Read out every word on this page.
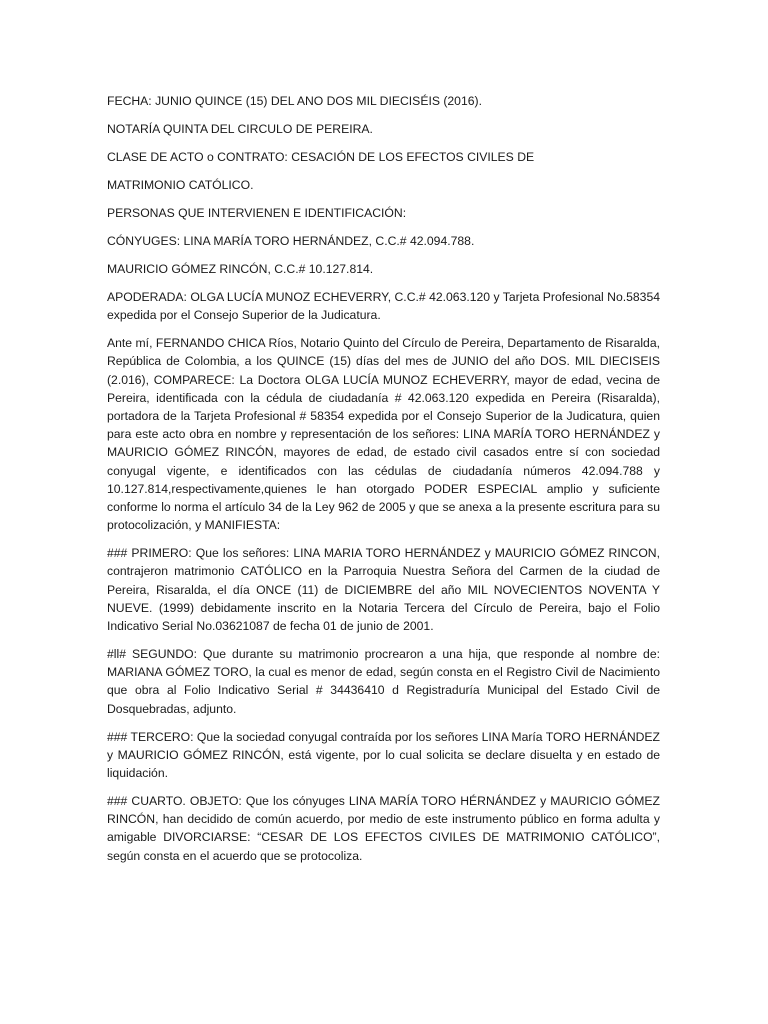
FECHA: JUNIO QUINCE (15) DEL ANO DOS MIL DIECISÉIS (2016).
NOTARÍA QUINTA DEL CIRCULO DE PEREIRA.
CLASE DE ACTO o CONTRATO: CESACIÓN DE LOS EFECTOS CIVILES DE
MATRIMONIO CATÓLICO.
PERSONAS QUE INTERVIENEN E IDENTIFICACIÓN:
CÓNYUGES: LINA MARÍA TORO HERNÁNDEZ, C.C.# 42.094.788.
MAURICIO GÓMEZ RINCÓN, C.C.# 10.127.814.
APODERADA: OLGA LUCÍA MUNOZ ECHEVERRY, C.C.# 42.063.120 y Tarjeta Profesional No.58354 expedida por el Consejo Superior de la Judicatura.
Ante mí, FERNANDO CHICA Ríos, Notario Quinto del Círculo de Pereira, Departamento de Risaralda, República de Colombia, a los QUINCE (15) días del mes de JUNIO del año DOS. MIL DIECISEIS (2.016), COMPARECE: La Doctora OLGA LUCÍA MUNOZ ECHEVERRY, mayor de edad, vecina de Pereira, identificada con la cédula de ciudadanía # 42.063.120 expedida en Pereira (Risaralda), portadora de la Tarjeta Profesional # 58354 expedida por el Consejo Superior de la Judicatura, quien para este acto obra en nombre y representación de los señores: LINA MARÍA TORO HERNÁNDEZ y MAURICIO GÓMEZ RINCÓN, mayores de edad, de estado civil casados entre sí con sociedad conyugal vigente, e identificados con las cédulas de ciudadanía números 42.094.788 y 10.127.814,respectivamente,quienes le han otorgado PODER ESPECIAL amplio y suficiente conforme lo norma el artículo 34 de la Ley 962 de 2005 y que se anexa a la presente escritura para su protocolización, y MANIFIESTA:
### PRIMERO: Que los señores: LINA MARIA TORO HERNÁNDEZ y MAURICIO GÓMEZ RINCON, contrajeron matrimonio CATÓLICO en la Parroquia Nuestra Señora del Carmen de la ciudad de Pereira, Risaralda, el día ONCE (11) de DICIEMBRE del año MIL NOVECIENTOS NOVENTA Y NUEVE. (1999) debidamente inscrito en la Notaria Tercera del Círculo de Pereira, bajo el Folio Indicativo Serial No.03621087 de fecha 01 de junio de 2001.
#ll# SEGUNDO: Que durante su matrimonio procrearon a una hija, que responde al nombre de: MARIANA GÓMEZ TORO, la cual es menor de edad, según consta en el Registro Civil de Nacimiento que obra al Folio Indicativo Serial # 34436410 d Registraduría Municipal del Estado Civil de Dosquebradas, adjunto.
### TERCERO: Que la sociedad conyugal contraída por los señores LINA María TORO HERNÁNDEZ y MAURICIO GÓMEZ RINCÓN, está vigente, por lo cual solicita se declare disuelta y en estado de liquidación.
### CUARTO. OBJETO: Que los cónyuges LINA MARÍA TORO HÉRNÁNDEZ y MAURICIO GÓMEZ RINCÓN, han decidido de común acuerdo, por medio de este instrumento público en forma adulta y amigable DIVORCIARSE: “CESAR DE LOS EFECTOS CIVILES DE MATRIMONIO CATÓLICO”, según consta en el acuerdo que se protocoliza.
